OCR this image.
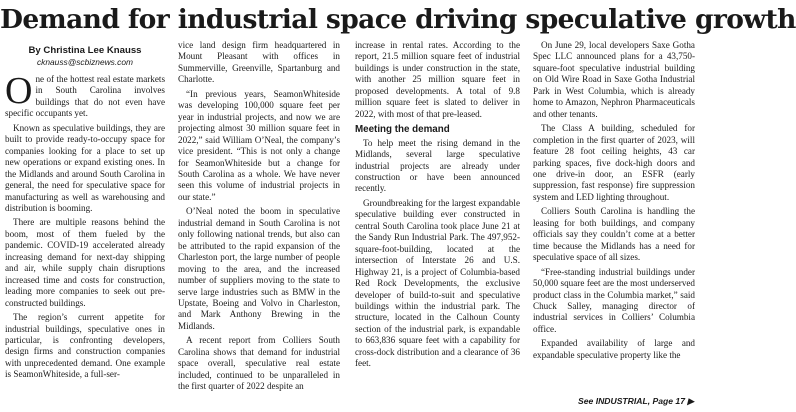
Demand for industrial space driving speculative growth
By Christina Lee Knauss
cknauss@scbiznews.com

One of the hottest real estate markets in South Carolina involves buildings that do not even have specific occupants yet.

Known as speculative buildings, they are built to provide ready-to-occupy space for companies looking for a place to set up new operations or expand existing ones. In the Midlands and around South Carolina in general, the need for speculative space for manufacturing as well as warehousing and distribution is booming.

There are multiple reasons behind the boom, most of them fueled by the pandemic. COVID-19 accelerated already increasing demand for next-day shipping and air, while supply chain disruptions increased time and costs for construction, leading more companies to seek out pre-constructed buildings.

The region’s current appetite for industrial buildings, speculative ones in particular, is confronting developers, design firms and construction companies with unprecedented demand. One example is SeamonWhiteside, a full-ser-

vice land design firm headquartered in Mount Pleasant with offices in Summerville, Greenville, Spartanburg and Charlotte.

“In previous years, SeamonWhiteside was developing 100,000 square feet per year in industrial projects, and now we are projecting almost 30 million square feet in 2022,” said William O’Neal, the company’s vice president. “This is not only a change for SeamonWhiteside but a change for South Carolina as a whole. We have never seen this volume of industrial projects in our state.”

O’Neal noted the boom in speculative industrial demand in South Carolina is not only following national trends, but also can be attributed to the rapid expansion of the Charleston port, the large number of people moving to the area, and the increased number of suppliers moving to the state to serve large industries such as BMW in the Upstate, Boeing and Volvo in Charleston, and Mark Anthony Brewing in the Midlands.

A recent report from Colliers South Carolina shows that demand for industrial space overall, speculative real estate included, continued to be unparalleled in the first quarter of 2022 despite an

increase in rental rates. According to the report, 21.5 million square feet of industrial buildings is under construction in the state, with another 25 million square feet in proposed developments. A total of 9.8 million square feet is slated to deliver in 2022, with most of that pre-leased.

Meeting the demand

To help meet the rising demand in the Midlands, several large speculative industrial projects are already under construction or have been announced recently.

Groundbreaking for the largest expandable speculative building ever constructed in central South Carolina took place June 21 at the Sandy Run Industrial Park. The 497,952-square-foot-building, located at the intersection of Interstate 26 and U.S. Highway 21, is a project of Columbia-based Red Rock Developments, the exclusive developer of build-to-suit and speculative buildings within the industrial park. The structure, located in the Calhoun County section of the industrial park, is expandable to 663,836 square feet with a capability for cross-dock distribution and a clearance of 36 feet.

On June 29, local developers Saxe Gotha Spec LLC announced plans for a 43,750-square-foot speculative industrial building on Old Wire Road in Saxe Gotha Industrial Park in West Columbia, which is already home to Amazon, Nephron Pharmaceuticals and other tenants.

The Class A building, scheduled for completion in the first quarter of 2023, will feature 28 foot ceiling heights, 43 car parking spaces, five dock-high doors and one drive-in door, an ESFR (early suppression, fast response) fire suppression system and LED lighting throughout.

Colliers South Carolina is handling the leasing for both buildings, and company officials say they couldn’t come at a better time because the Midlands has a need for speculative space of all sizes.

“Free-standing industrial buildings under 50,000 square feet are the most underserved product class in the Columbia market,” said Chuck Salley, managing director of industrial services in Colliers’ Columbia office.

Expanded availability of large and expandable speculative property like the

See INDUSTRIAL, Page 17 ▶
